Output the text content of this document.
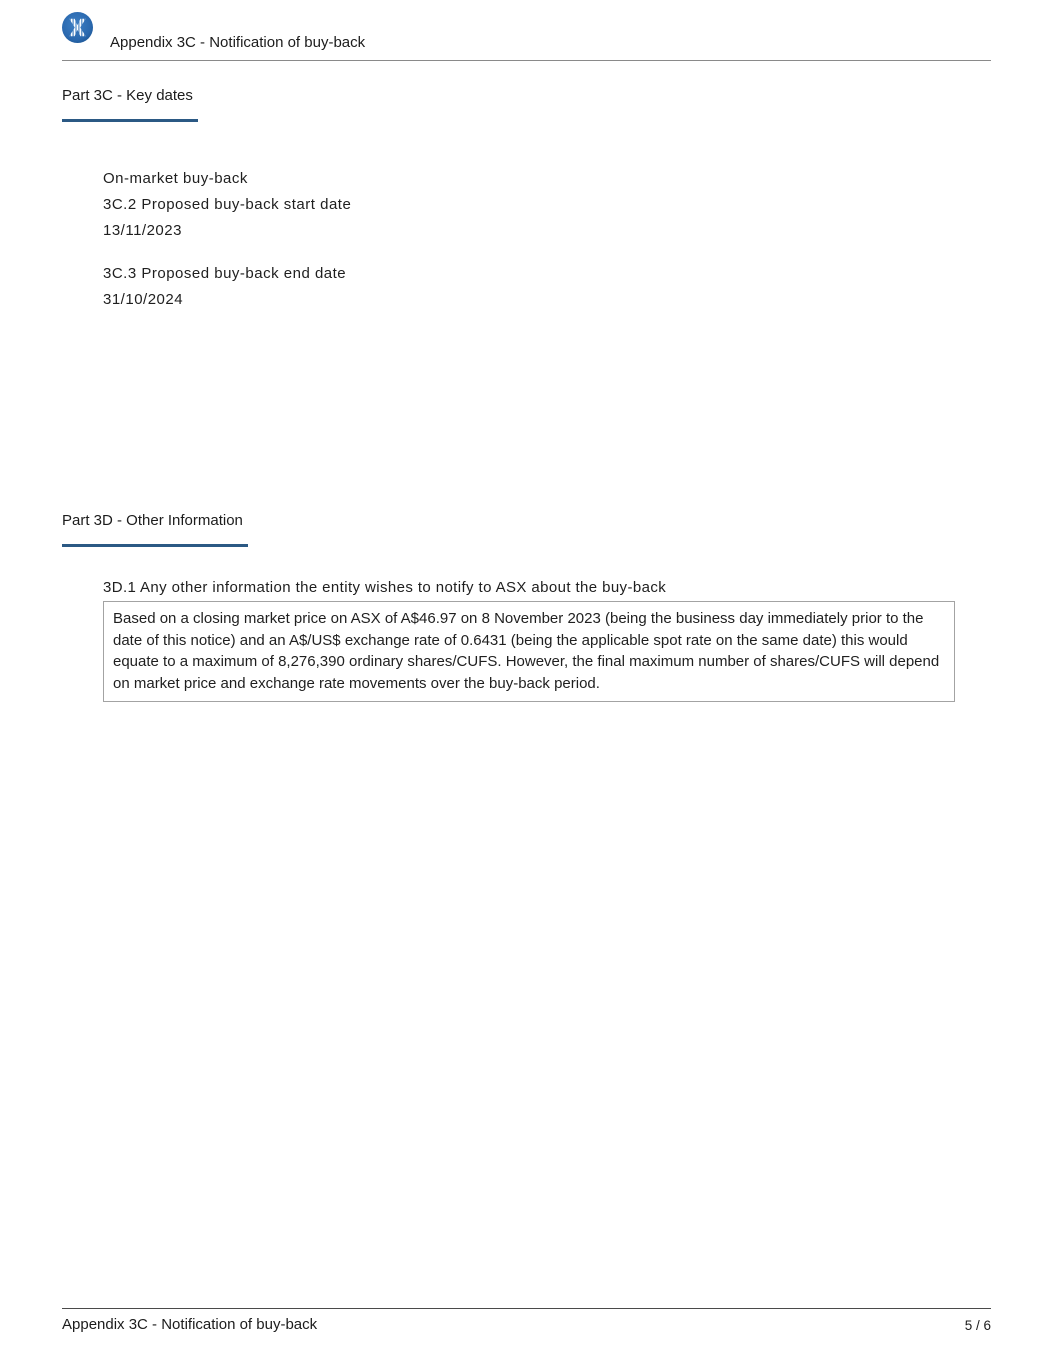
Appendix 3C - Notification of buy-back
Part 3C - Key dates
On-market buy-back
3C.2 Proposed buy-back start date
13/11/2023
3C.3 Proposed buy-back end date
31/10/2024
Part 3D - Other Information
3D.1 Any other information the entity wishes to notify to ASX about the buy-back
Based on a closing market price on ASX of A$46.97 on 8 November 2023 (being the business day immediately prior to the date of this notice) and an A$/US$ exchange rate of 0.6431 (being the applicable spot rate on the same date) this would equate to a maximum of 8,276,390 ordinary shares/CUFS. However, the final maximum number of shares/CUFS will depend on market price and exchange rate movements over the buy-back period.
Appendix 3C - Notification of buy-back	5 / 6
